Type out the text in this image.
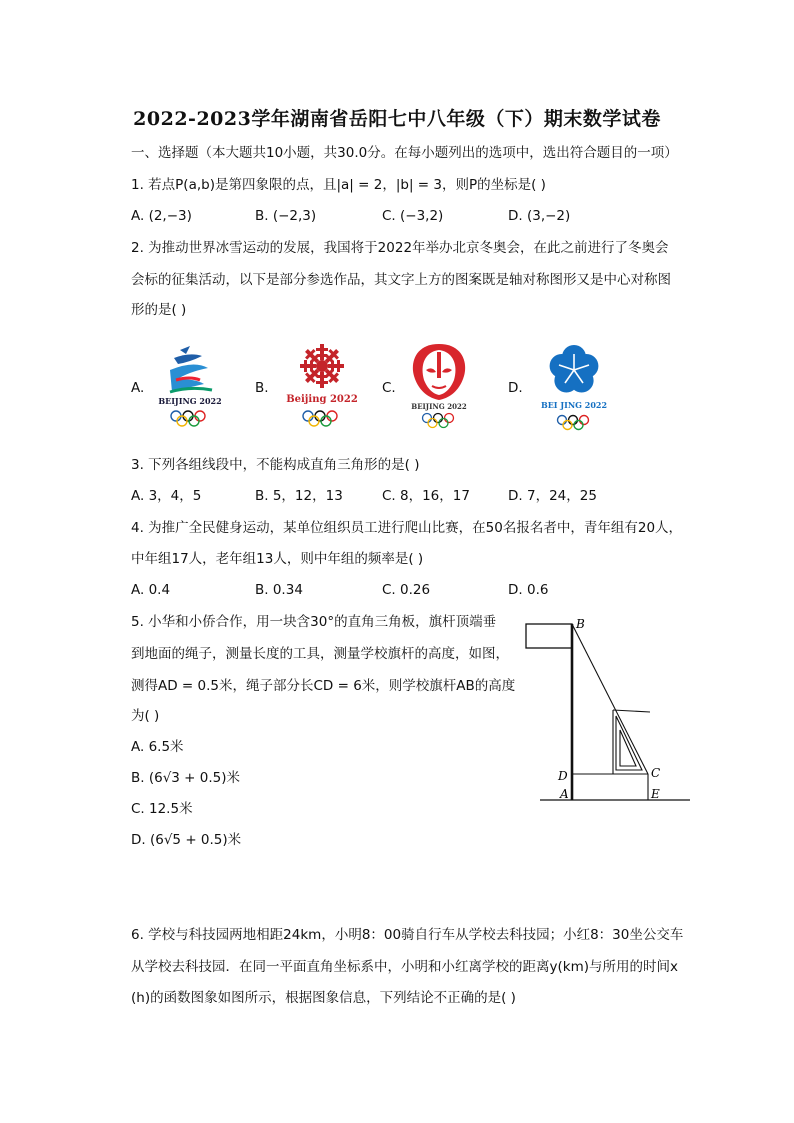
2022-2023学年湖南省岳阳七中八年级（下）期末数学试卷
一、选择题（本大题共10小题，共30.0分。在每小题列出的选项中，选出符合题目的一项）
1. 若点P(a,b)是第四象限的点，且|a| = 2，|b| = 3，则P的坐标是( )
A. (2,−3)	B. (−2,3)	C. (−3,2)	D. (3,−2)
2. 为推动世界冰雪运动的发展，我国将于2022年举办北京冬奥会，在此之前进行了冬奥会
会标的征集活动，以下是部分参选作品，其文字上方的图案既是轴对称图形又是中心对称图
形的是( )
A.	B.	C.	D.
BEIJING 2022	Beijing 2022
BEIJING 2022	BEI JING 2022
3. 下列各组线段中，不能构成直角三角形的是( )
A. 3，4，5	B. 5，12，13	C. 8，16，17	D. 7，24，25
4. 为推广全民健身运动，某单位组织员工进行爬山比赛，在50名报名者中，青年组有20人，
中年组17人，老年组13人，则中年组的频率是( )
A. 0.4	B. 0.34	C. 0.26	D. 0.6
5. 小华和小侨合作，用一块含30°的直角三角板，旗杆顶端垂
到地面的绳子，测量长度的工具，测量学校旗杆的高度，如图，
测得AD = 0.5米，绳子部分长CD = 6米，则学校旗杆AB的高度
为( )
A. 6.5米
B. (6√3 + 0.5)米
C. 12.5米
D. (6√5 + 0.5)米
B
C
D
A	E
6. 学校与科技园两地相距24km，小明8：00骑自行车从学校去科技园；小红8：30坐公交车
从学校去科技园．在同一平面直角坐标系中，小明和小红离学校的距离y(km)与所用的时间x
(h)的函数图象如图所示，根据图象信息，下列结论不正确的是( )
